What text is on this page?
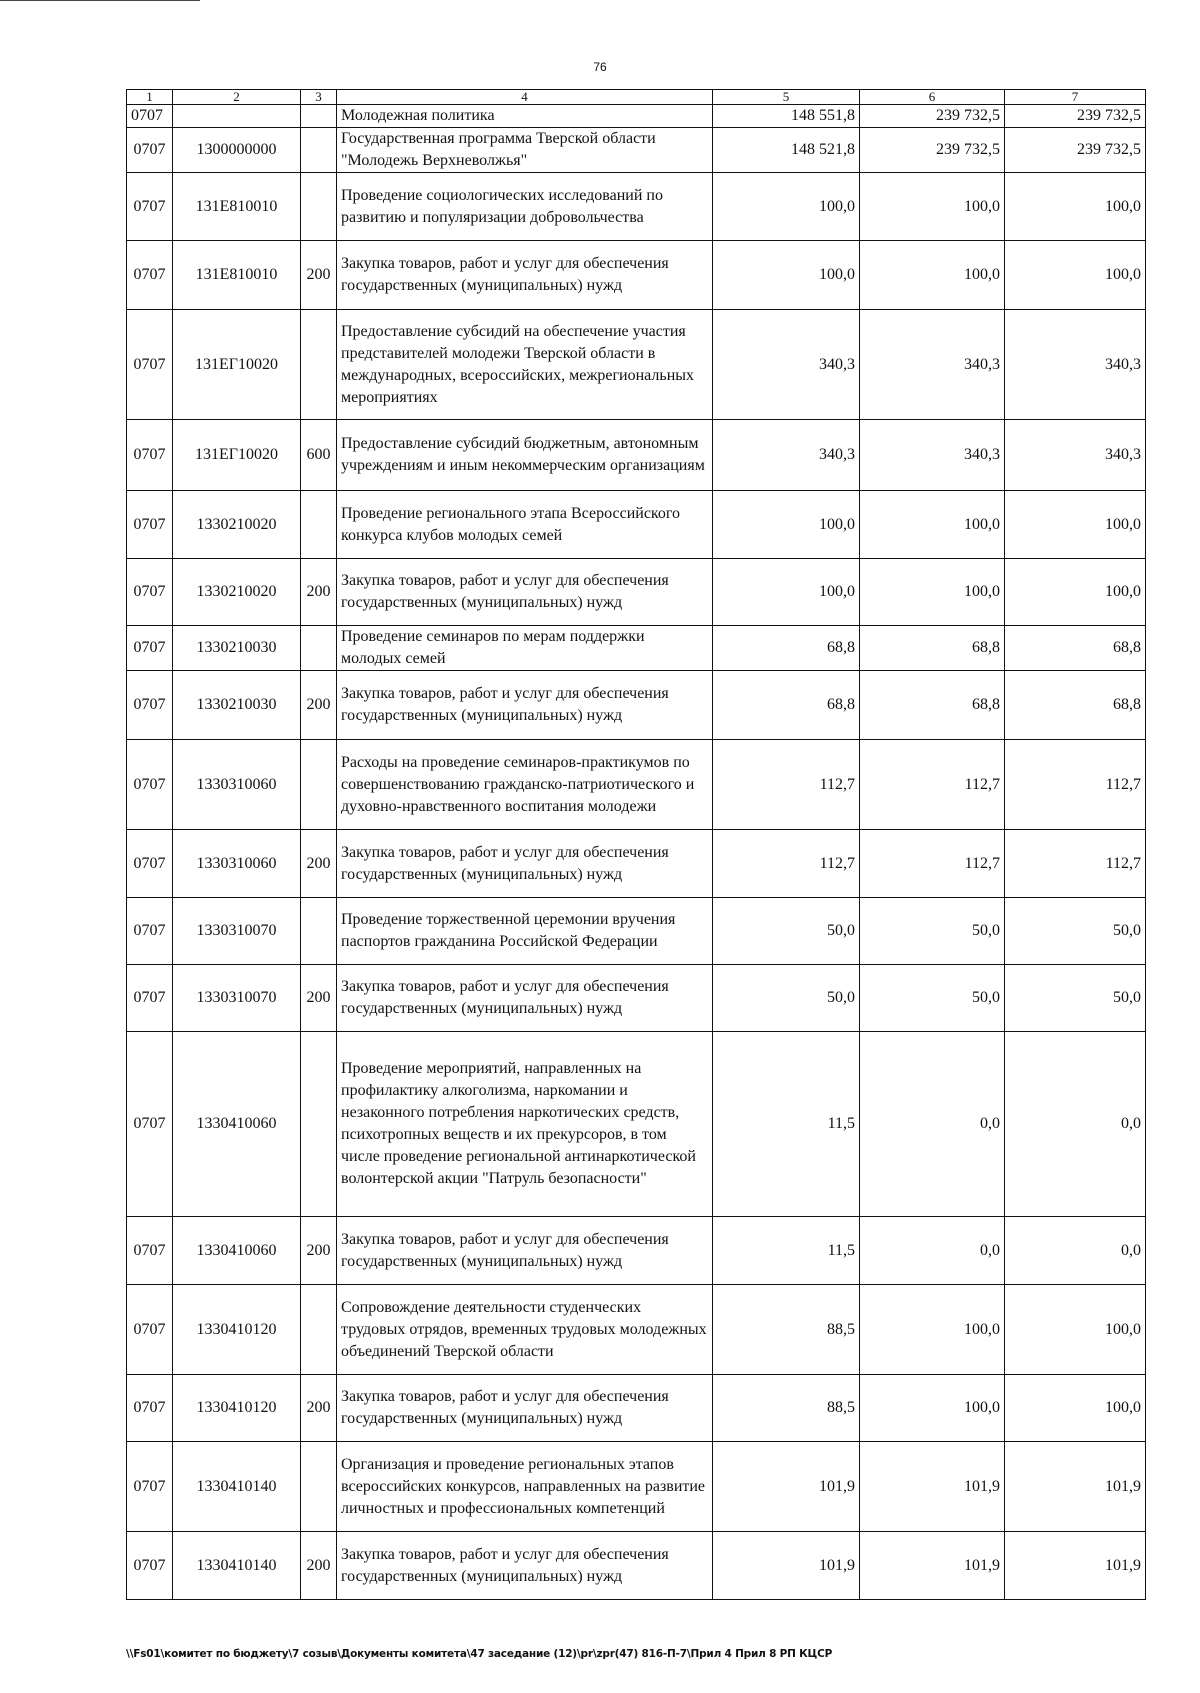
76
1	2	3	4	5	6	7
0707			Молодежная политика	148 551,8	239 732,5	239 732,5
0707	1300000000		Государственная программа Тверской области "Молодежь Верхневолжья"	148 521,8	239 732,5	239 732,5
0707	131Е810010		Проведение социологических исследований по развитию и популяризации добровольчества	100,0	100,0	100,0
0707	131Е810010	200	Закупка товаров, работ и услуг для обеспечения государственных (муниципальных) нужд	100,0	100,0	100,0
0707	131ЕГ10020		Предоставление субсидий на обеспечение участия представителей молодежи Тверской области в международных, всероссийских, межрегиональных мероприятиях	340,3	340,3	340,3
0707	131ЕГ10020	600	Предоставление субсидий бюджетным, автономным учреждениям и иным некоммерческим организациям	340,3	340,3	340,3
0707	1330210020		Проведение регионального этапа Всероссийского конкурса клубов молодых семей	100,0	100,0	100,0
0707	1330210020	200	Закупка товаров, работ и услуг для обеспечения государственных (муниципальных) нужд	100,0	100,0	100,0
0707	1330210030		Проведение семинаров по мерам поддержки молодых семей	68,8	68,8	68,8
0707	1330210030	200	Закупка товаров, работ и услуг для обеспечения государственных (муниципальных) нужд	68,8	68,8	68,8
0707	1330310060		Расходы на проведение семинаров-практикумов по совершенствованию гражданско-патриотического и духовно-нравственного воспитания молодежи	112,7	112,7	112,7
0707	1330310060	200	Закупка товаров, работ и услуг для обеспечения государственных (муниципальных) нужд	112,7	112,7	112,7
0707	1330310070		Проведение торжественной церемонии вручения паспортов гражданина Российской Федерации	50,0	50,0	50,0
0707	1330310070	200	Закупка товаров, работ и услуг для обеспечения государственных (муниципальных) нужд	50,0	50,0	50,0
0707	1330410060		Проведение мероприятий, направленных на профилактику алкоголизма, наркомании и незаконного потребления наркотических средств, психотропных веществ и их прекурсоров, в том числе проведение региональной антинаркотической волонтерской акции "Патруль безопасности"	11,5	0,0	0,0
0707	1330410060	200	Закупка товаров, работ и услуг для обеспечения государственных (муниципальных) нужд	11,5	0,0	0,0
0707	1330410120		Сопровождение деятельности студенческих трудовых отрядов, временных трудовых молодежных объединений Тверской области	88,5	100,0	100,0
0707	1330410120	200	Закупка товаров, работ и услуг для обеспечения государственных (муниципальных) нужд	88,5	100,0	100,0
0707	1330410140		Организация и проведение региональных этапов всероссийских конкурсов, направленных на развитие личностных и профессиональных компетенций	101,9	101,9	101,9
0707	1330410140	200	Закупка товаров, работ и услуг для обеспечения государственных (муниципальных) нужд	101,9	101,9	101,9
\\Fs01\комитет по бюджету\7 созыв\Документы комитета\47 заседание (12)\pr\zpr(47) 816-П-7\Прил 4 Прил 8 РП КЦСР
